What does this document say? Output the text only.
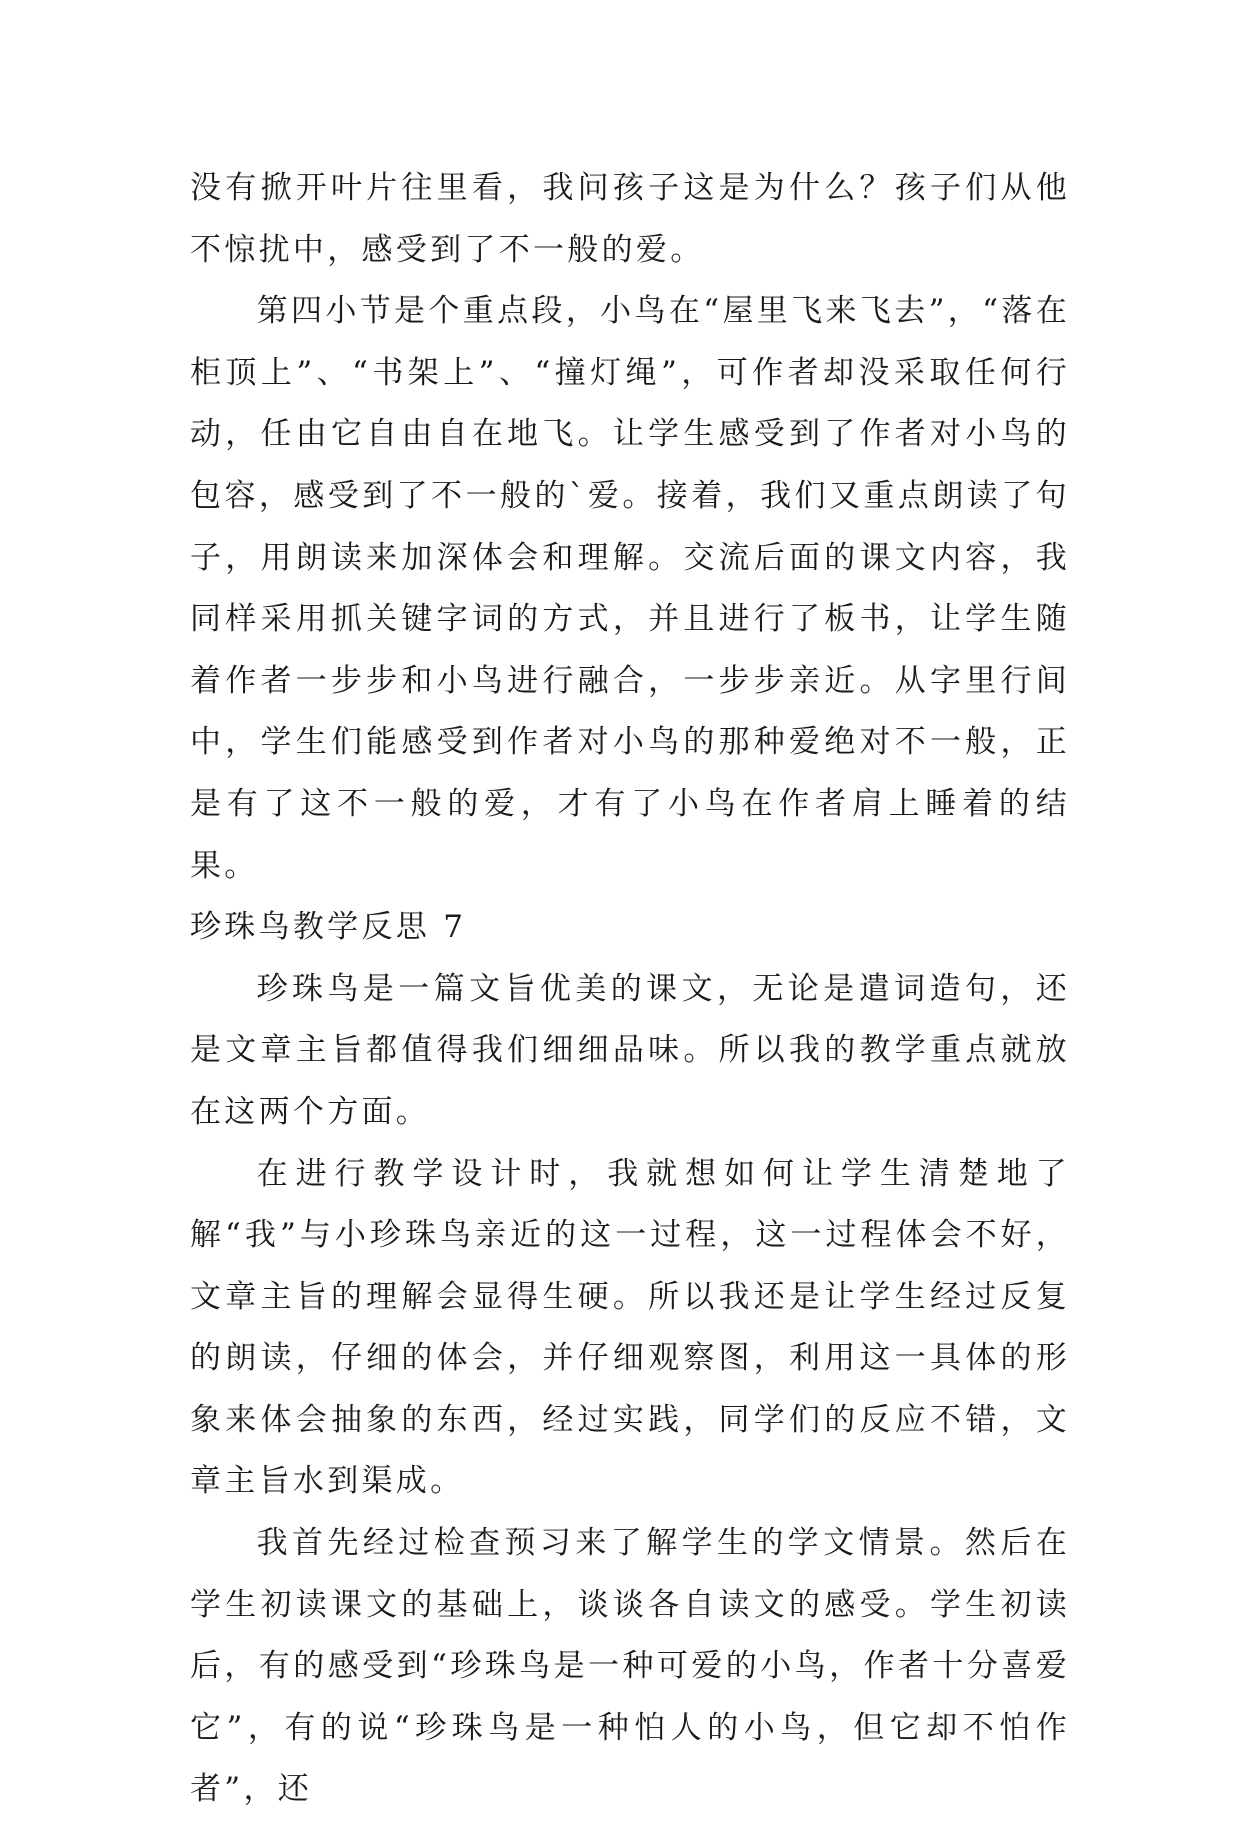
没有掀开叶片往里看，我问孩子这是为什么？孩子们从他不惊扰中，感受到了不一般的爱。

第四小节是个重点段，小鸟在“屋里飞来飞去”，“落在柜顶上”、“书架上”、“撞灯绳”，可作者却没采取任何行动，任由它自由自在地飞。让学生感受到了作者对小鸟的包容，感受到了不一般的`爱。接着，我们又重点朗读了句子，用朗读来加深体会和理解。交流后面的课文内容，我同样采用抓关键字词的方式，并且进行了板书，让学生随着作者一步步和小鸟进行融合，一步步亲近。从字里行间中，学生们能感受到作者对小鸟的那种爱绝对不一般，正是有了这不一般的爱，才有了小鸟在作者肩上睡着的结果。

珍珠鸟教学反思 7

珍珠鸟是一篇文旨优美的课文，无论是遣词造句，还是文章主旨都值得我们细细品味。所以我的教学重点就放在这两个方面。

在进行教学设计时，我就想如何让学生清楚地了解“我”与小珍珠鸟亲近的这一过程，这一过程体会不好，文章主旨的理解会显得生硬。所以我还是让学生经过反复的朗读，仔细的体会，并仔细观察图，利用这一具体的形象来体会抽象的东西，经过实践，同学们的反应不错，文章主旨水到渠成。

我首先经过检查预习来了解学生的学文情景。然后在学生初读课文的基础上，谈谈各自读文的感受。学生初读后，有的感受到“珍珠鸟是一种可爱的小鸟，作者十分喜爱它”，有的说“珍珠鸟是一种怕人的小鸟，但它却不怕作者”，还
